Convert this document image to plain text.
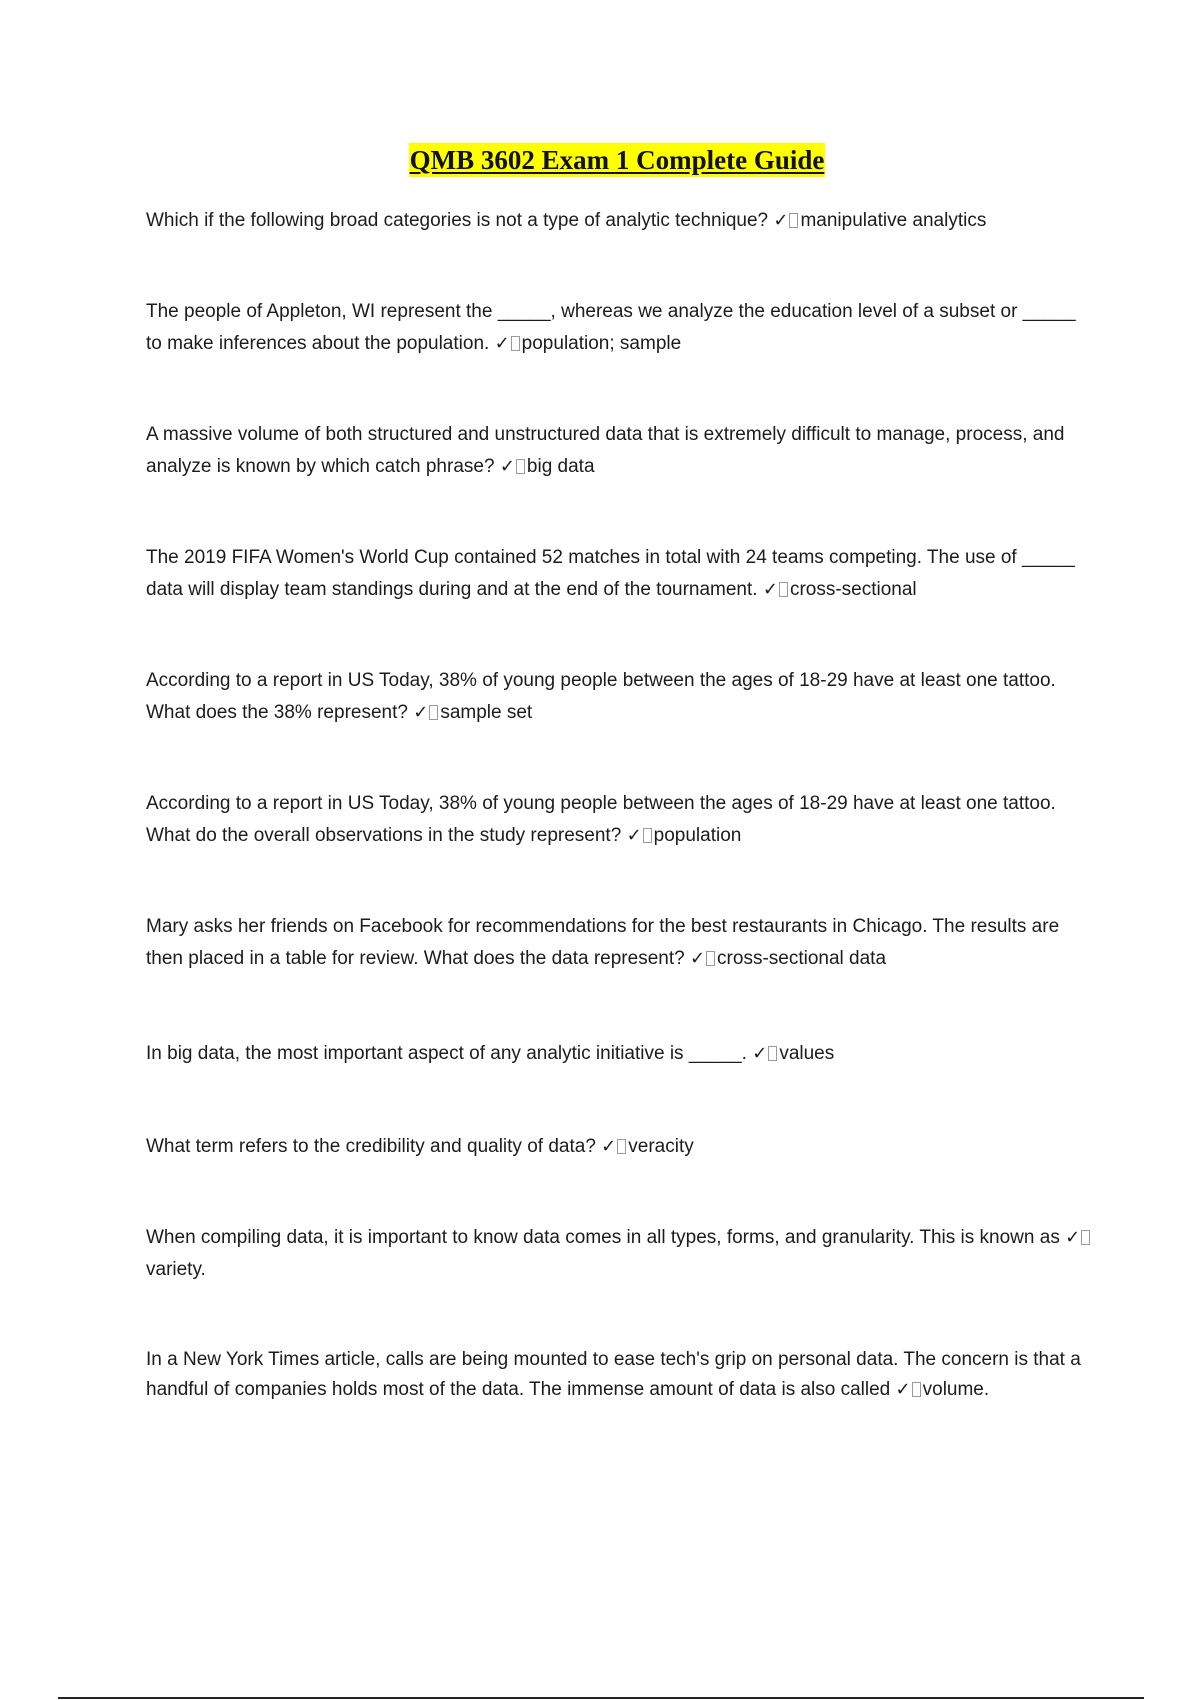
QMB 3602 Exam 1 Complete Guide
Which if the following broad categories is not a type of analytic technique? ✓ manipulative analytics
The people of Appleton, WI represent the _____, whereas we analyze the education level of a subset or _____ to make inferences about the population. ✓ population; sample
A massive volume of both structured and unstructured data that is extremely difficult to manage, process, and analyze is known by which catch phrase? ✓ big data
The 2019 FIFA Women's World Cup contained 52 matches in total with 24 teams competing. The use of _____ data will display team standings during and at the end of the tournament. ✓ cross-sectional
According to a report in US Today, 38% of young people between the ages of 18-29 have at least one tattoo. What does the 38% represent? ✓ sample set
According to a report in US Today, 38% of young people between the ages of 18-29 have at least one tattoo. What do the overall observations in the study represent? ✓ population
Mary asks her friends on Facebook for recommendations for the best restaurants in Chicago. The results are then placed in a table for review. What does the data represent? ✓ cross-sectional data
In big data, the most important aspect of any analytic initiative is _____. ✓ values
What term refers to the credibility and quality of data? ✓ veracity
When compiling data, it is important to know data comes in all types, forms, and granularity. This is known as ✓variety.
In a New York Times article, calls are being mounted to ease tech's grip on personal data. The concern is that a handful of companies holds most of the data. The immense amount of data is also called ✓ volume.
